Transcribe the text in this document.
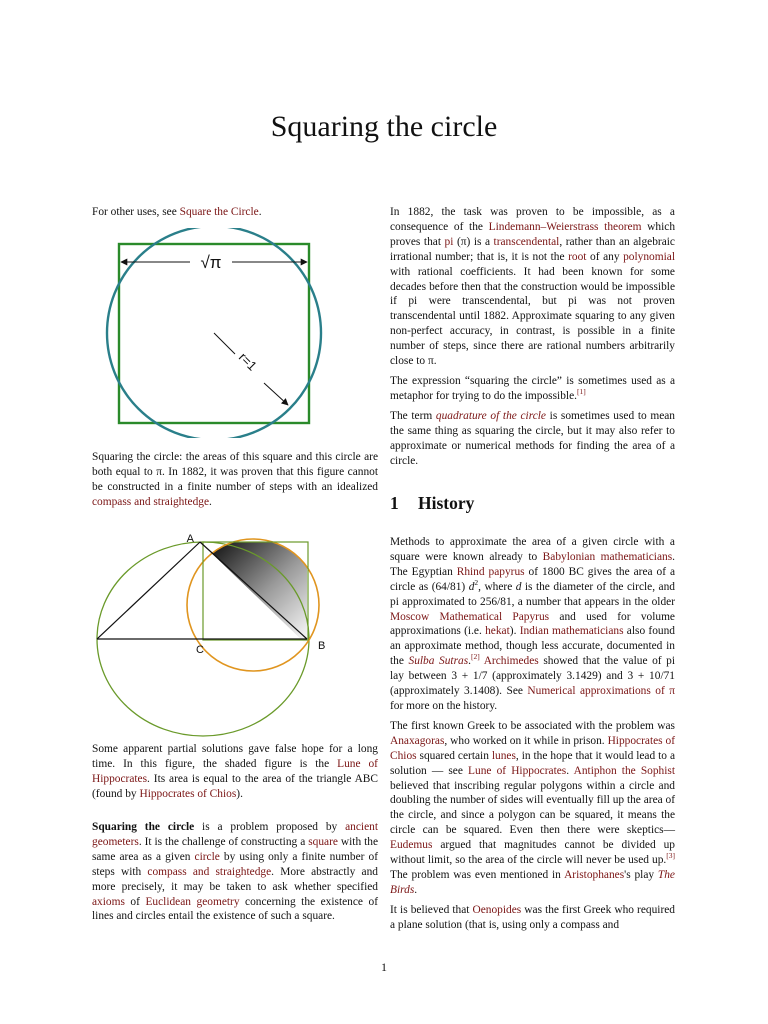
Squaring the circle

For other uses, see Square the Circle.

√π
r=1

Squaring the circle: the areas of this square and this circle are both equal to π. In 1882, it was proven that this figure cannot be constructed in a finite number of steps with an idealized compass and straightedge.

A
B
C

Some apparent partial solutions gave false hope for a long time. In this figure, the shaded figure is the Lune of Hippocrates. Its area is equal to the area of the triangle ABC (found by Hippocrates of Chios).

Squaring the circle is a problem proposed by ancient geometers. It is the challenge of constructing a square with the same area as a given circle by using only a finite number of steps with compass and straightedge. More abstractly and more precisely, it may be taken to ask whether specified axioms of Euclidean geometry concerning the existence of lines and circles entail the existence of such a square.

In 1882, the task was proven to be impossible, as a consequence of the Lindemann–Weierstrass theorem which proves that pi (π) is a transcendental, rather than an algebraic irrational number; that is, it is not the root of any polynomial with rational coefficients. It had been known for some decades before then that the construction would be impossible if pi were transcendental, but pi was not proven transcendental until 1882. Approximate squaring to any given non-perfect accuracy, in contrast, is possible in a finite number of steps, since there are rational numbers arbitrarily close to π.

The expression “squaring the circle” is sometimes used as a metaphor for trying to do the impossible.[1]

The term quadrature of the circle is sometimes used to mean the same thing as squaring the circle, but it may also refer to approximate or numerical methods for finding the area of a circle.

1 History

Methods to approximate the area of a given circle with a square were known already to Babylonian mathematicians. The Egyptian Rhind papyrus of 1800 BC gives the area of a circle as (64/81) $d^2$, where d is the diameter of the circle, and pi approximated to 256/81, a number that appears in the older Moscow Mathematical Papyrus and used for volume approximations (i.e. hekat). Indian mathematicians also found an approximate method, though less accurate, documented in the Sulba Sutras.[2] Archimedes showed that the value of pi lay between 3 + 1/7 (approximately 3.1429) and 3 + 10/71 (approximately 3.1408). See Numerical approximations of π for more on the history.

The first known Greek to be associated with the problem was Anaxagoras, who worked on it while in prison. Hippocrates of Chios squared certain lunes, in the hope that it would lead to a solution — see Lune of Hippocrates. Antiphon the Sophist believed that inscribing regular polygons within a circle and doubling the number of sides will eventually fill up the area of the circle, and since a polygon can be squared, it means the circle can be squared. Even then there were skeptics—Eudemus argued that magnitudes cannot be divided up without limit, so the area of the circle will never be used up.[3] The problem was even mentioned in Aristophanes's play The Birds.

It is believed that Oenopides was the first Greek who required a plane solution (that is, using only a compass and

1
